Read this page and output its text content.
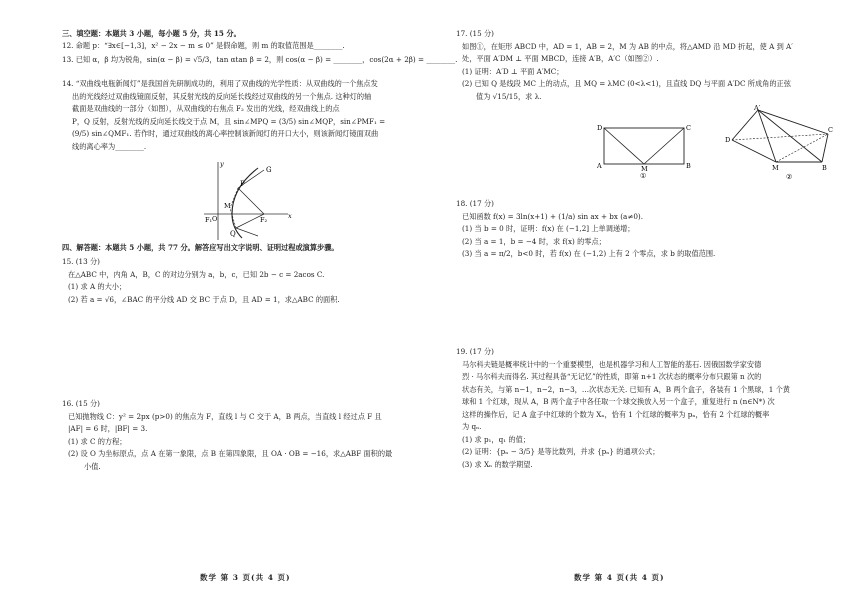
三、填空题：本题共 3 小题，每小题 5 分，共 15 分。
12. 命题 p：“∃x∈[−1,3]，x² − 2x − m ≤ 0” 是假命题，则 m 的取值范围是________.
13. 已知 α，β 均为锐角，sin(α − β) = √5/3，tan αtan β = 2，则 cos(α − β) = ________，cos(2α + 2β) = ________.
14. “双曲线电瓶新闻灯”是我国首先研制成功的，利用了双曲线的光学性质：从双曲线的一个焦点发
出的光线经过双曲线镜面反射，其反射光线的反向延长线经过双曲线的另一个焦点. 这种灯的轴
截面是双曲线的一部分（如图），从双曲线的右焦点 F₂ 发出的光线，经双曲线上的点
P，Q 反射，反射光线的反向延长线交于点 M，且 sin∠MPQ = (3/5) sin∠MQP，sin∠PMF₁ =
(9/5) sin∠QMF₁. 若作时，通过双曲线的离心率控制该新闻灯的开口大小，则该新闻灯镜面双曲
线的离心率为________.
G
P
F₁	F₂
Q
O
M
x
y
四、解答题：本题共 5 小题，共 77 分。解答应写出文字说明、证明过程或演算步骤。
15. (13 分)
在△ABC 中，内角 A，B，C 的对边分别为 a，b，c，已知 2b − c = 2acos C.
(1) 求 A 的大小；
(2) 若 a = √6，∠BAC 的平分线 AD 交 BC 于点 D，且 AD = 1，求△ABC 的面积.
16. (15 分)
已知抛物线 C：y² = 2px (p>0) 的焦点为 F，直线 l 与 C 交于 A，B 两点，当直线 l 经过点 F 且
|AF| = 6 时，|BF| = 3.
(1) 求 C 的方程；
(2) 设 O 为坐标原点，点 A 在第一象限，点 B 在第四象限，且 OA · OB = −16，求△ABF 面积的最
小值.
数学 第 3 页(共 4 页)
17. (15 分)
如图①，在矩形 ABCD 中，AD = 1，AB = 2，M 为 AB 的中点，将△AMD 沿 MD 折起，使 A 到 A′
处，平面 A′DM ⊥ 平面 MBCD，连接 A′B，A′C（如图②）.
(1) 证明：A′D ⊥ 平面 A′MC；
(2) 已知 Q 是线段 MC 上的动点，且 MQ = λMC (0<λ<1)，且直线 DQ 与平面 A′DC 所成角的正弦
值为 √15/15，求 λ.
D	C
A	M	B
①
A′
D
C
M	B
②
18. (17 分)
已知函数 f(x) = 3ln(x+1) + (1/a) sin ax + bx (a≠0).
(1) 当 b = 0 时，证明：f(x) 在 (−1,2] 上单调递增；
(2) 当 a = 1，b = −4 时，求 f(x) 的零点；
(3) 当 a = π/2，b<0 时，若 f(x) 在 (−1,2) 上有 2 个零点，求 b 的取值范围.
19. (17 分)
马尔科夫链是概率统计中的一个重要模型，也是机器学习和人工智能的基石. 因俄国数学家安德
烈 · 马尔科夫而得名. 其过程具备“无记忆”的性质，即第 n+1 次状态的概率分布只跟第 n 次的
状态有关，与第 n−1，n−2，n−3，…次状态无关. 已知有 A，B 两个盒子，各装有 1 个黑球，1 个黄
球和 1 个红球，现从 A，B 两个盒子中各任取一个球交换放入另一个盒子，重复进行 n (n∈N*) 次
这样的操作后，记 A 盒子中红球的个数为 Xₙ，恰有 1 个红球的概率为 pₙ，恰有 2 个红球的概率
为 qₙ.
(1) 求 p₁，q₁ 的值；
(2) 证明：{pₙ − 3/5} 是等比数列，并求 {pₙ} 的通项公式；
(3) 求 Xₙ 的数学期望.
数学 第 4 页(共 4 页)
